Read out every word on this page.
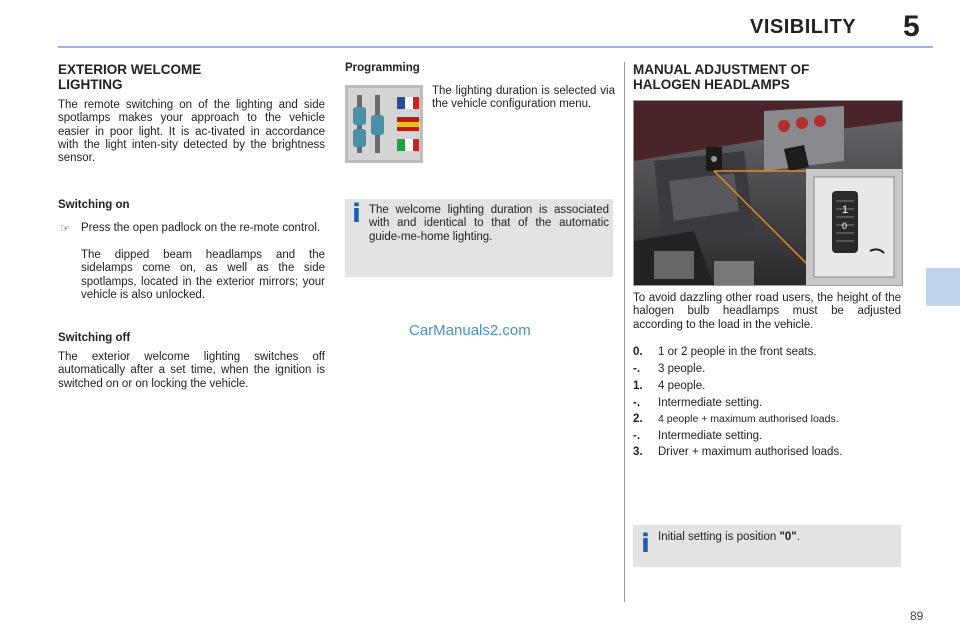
VISIBILITY 5
EXTERIOR WELCOME
LIGHTING

The remote switching on of the lighting and side spotlamps makes your approach to the vehicle easier in poor light. It is ac-tivated in accordance with the light inten-sity detected by the brightness sensor.

Switching on
☞ Press the open padlock on the re-mote control.

The dipped beam headlamps and the sidelamps come on, as well as the side spotlamps, located in the exterior mirrors; your vehicle is also unlocked.

Switching off

The exterior welcome lighting switches off automatically after a set time, when the ignition is switched on or on locking the vehicle.

Programming

The lighting duration is selected via the vehicle configuration menu.

i The welcome lighting duration is associated with and identical to that of the automatic guide-me-home lighting.

CarManuals2.com
MANUAL ADJUSTMENT OF
HALOGEN HEADLAMPS
1
0

To avoid dazzling other road users, the height of the halogen bulb headlamps must be adjusted according to the load in the vehicle.

0. 1 or 2 people in the front seats.
-. 3 people.
1. 4 people.
-. Intermediate setting.
2. 4 people + maximum authorised loads.
-. Intermediate setting.
3. Driver + maximum authorised loads.
i Initial setting is position "0".
89
